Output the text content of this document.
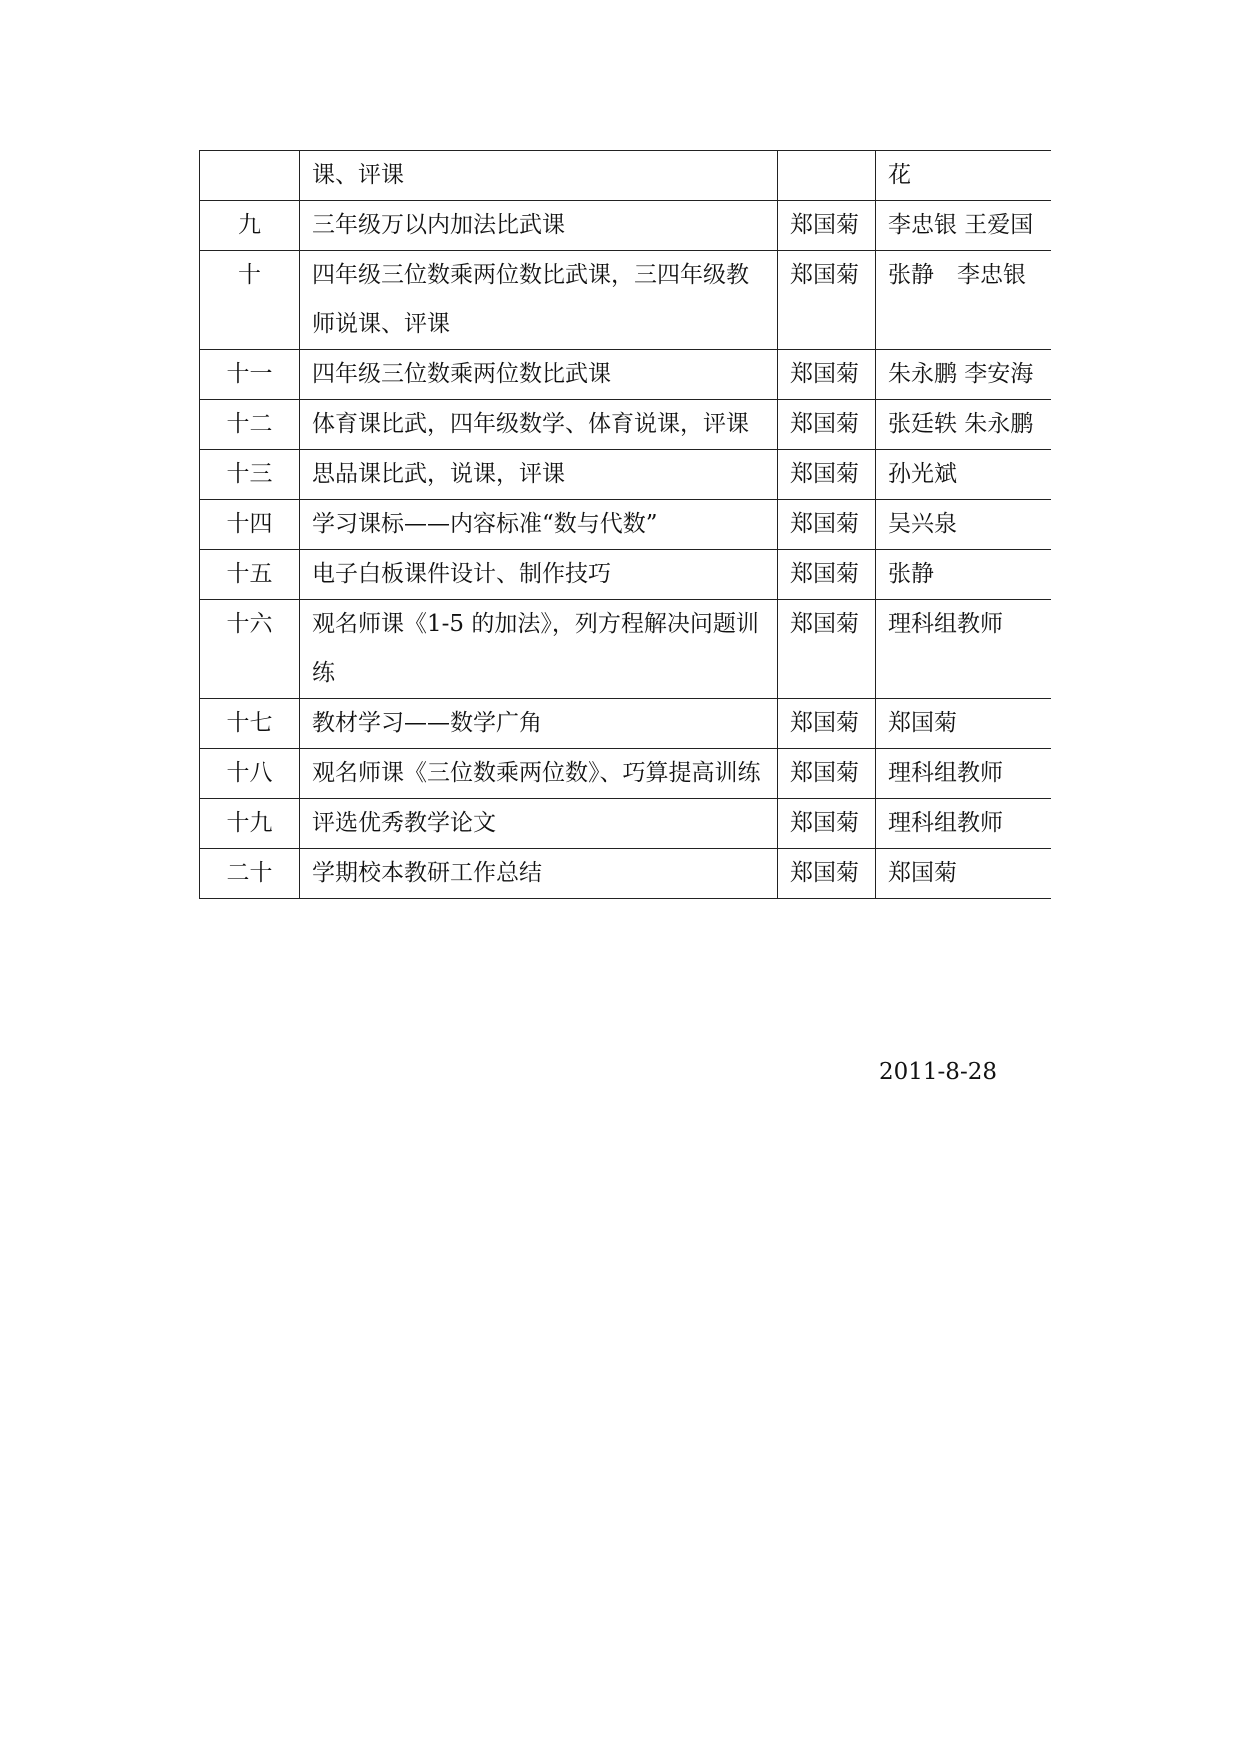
	课、评课		花
九	三年级万以内加法比武课	郑国菊	李忠银 王爱国
十	四年级三位数乘两位数比武课，三四年级教师说课、评课	郑国菊	张静　李忠银
十一	四年级三位数乘两位数比武课	郑国菊	朱永鹏 李安海
十二	体育课比武，四年级数学、体育说课，评课	郑国菊	张廷轶 朱永鹏
十三	思品课比武，说课，评课	郑国菊	孙光斌
十四	学习课标——内容标准“数与代数”	郑国菊	吴兴泉
十五	电子白板课件设计、制作技巧	郑国菊	张静
十六	观名师课《1-5 的加法》，列方程解决问题训练	郑国菊	理科组教师
十七	教材学习——数学广角	郑国菊	郑国菊
十八	观名师课《三位数乘两位数》、巧算提高训练	郑国菊	理科组教师
十九	评选优秀教学论文	郑国菊	理科组教师
二十	学期校本教研工作总结	郑国菊	郑国菊
2011-8-28
